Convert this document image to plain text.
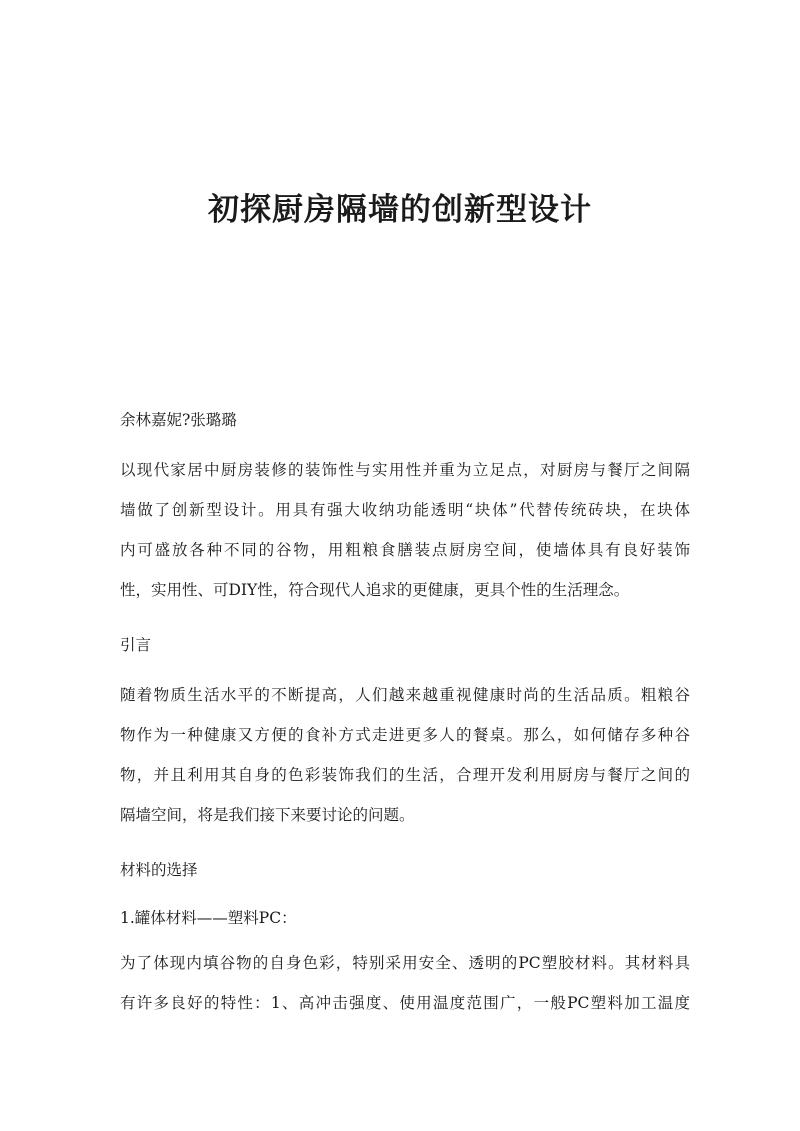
初探厨房隔墙的创新型设计
余林嘉妮?张璐璐

以现代家居中厨房装修的装饰性与实用性并重为立足点，对厨房与餐厅之间隔

墙做了创新型设计。用具有强大收纳功能透明“块体”代替传统砖块，在块体

内可盛放各种不同的谷物，用粗粮食膳装点厨房空间，使墙体具有良好装饰

性，实用性、可DIY性，符合现代人追求的更健康，更具个性的生活理念。

引言

随着物质生活水平的不断提高，人们越来越重视健康时尚的生活品质。粗粮谷

物作为一种健康又方便的食补方式走进更多人的餐桌。那么，如何储存多种谷

物，并且利用其自身的色彩装饰我们的生活，合理开发利用厨房与餐厅之间的

隔墙空间，将是我们接下来要讨论的问题。

材料的选择
1.罐体材料——塑料PC：

为了体现内填谷物的自身色彩，特别采用安全、透明的PC塑胶材料。其材料具

有许多良好的特性：1、高冲击强度、使用温度范围广，一般PC塑料加工温度
